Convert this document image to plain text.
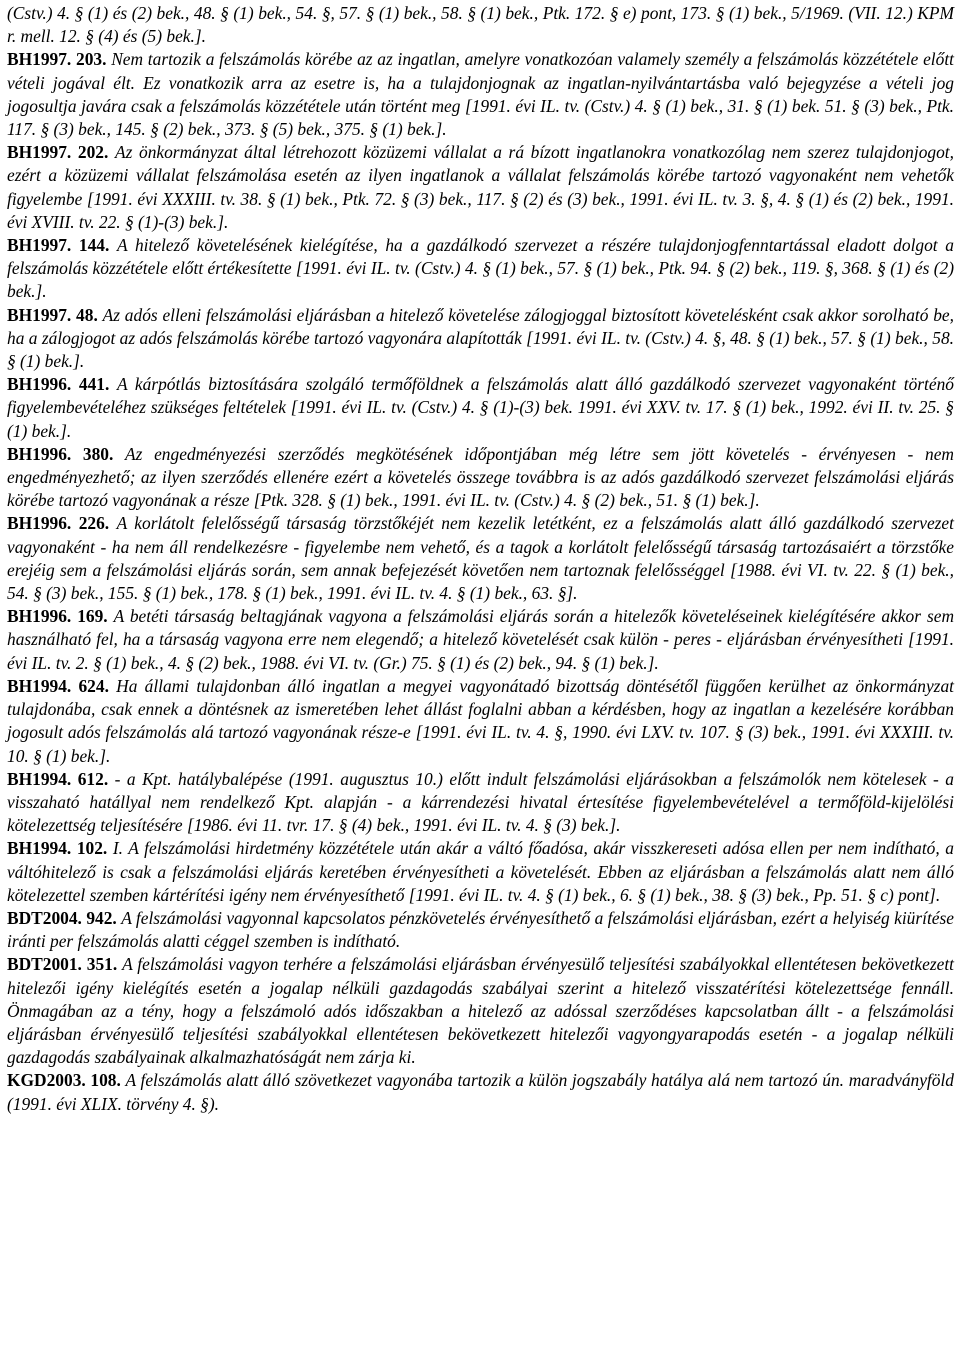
(Cstv.) 4. § (1) és (2) bek., 48. § (1) bek., 54. §, 57. § (1) bek., 58. § (1) bek., Ptk. 172. § e) pont, 173. § (1) bek., 5/1969. (VII. 12.) KPM r. mell. 12. § (4) és (5) bek.].

BH1997. 203. Nem tartozik a felszámolás körébe az az ingatlan, amelyre vonatkozóan valamely személy a felszámolás közzététele előtt vételi jogával élt. Ez vonatkozik arra az esetre is, ha a tulajdonjognak az ingatlan-nyilvántartásba való bejegyzése a vételi jog jogosultja javára csak a felszámolás közzététele után történt meg [1991. évi IL. tv. (Cstv.) 4. § (1) bek., 31. § (1) bek. 51. § (3) bek., Ptk. 117. § (3) bek., 145. § (2) bek., 373. § (5) bek., 375. § (1) bek.].

BH1997. 202. Az önkormányzat által létrehozott közüzemi vállalat a rá bízott ingatlanokra vonatkozólag nem szerez tulajdonjogot, ezért a közüzemi vállalat felszámolása esetén az ilyen ingatlanok a vállalat felszámolás körébe tartozó vagyonaként nem vehetők figyelembe [1991. évi XXXIII. tv. 38. § (1) bek., Ptk. 72. § (3) bek., 117. § (2) és (3) bek., 1991. évi IL. tv. 3. §, 4. § (1) és (2) bek., 1991. évi XVIII. tv. 22. § (1)-(3) bek.].

BH1997. 144. A hitelező követelésének kielégítése, ha a gazdálkodó szervezet a részére tulajdonjogfenntartással eladott dolgot a felszámolás közzététele előtt értékesítette [1991. évi IL. tv. (Cstv.) 4. § (1) bek., 57. § (1) bek., Ptk. 94. § (2) bek., 119. §, 368. § (1) és (2) bek.].

BH1997. 48. Az adós elleni felszámolási eljárásban a hitelező követelése zálogjoggal biztosított követelésként csak akkor sorolható be, ha a zálogjogot az adós felszámolás körébe tartozó vagyonára alapították [1991. évi IL. tv. (Cstv.) 4. §, 48. § (1) bek., 57. § (1) bek., 58. § (1) bek.].

BH1996. 441. A kárpótlás biztosítására szolgáló termőföldnek a felszámolás alatt álló gazdálkodó szervezet vagyonaként történő figyelembevételéhez szükséges feltételek [1991. évi IL. tv. (Cstv.) 4. § (1)-(3) bek. 1991. évi XXV. tv. 17. § (1) bek., 1992. évi II. tv. 25. § (1) bek.].

BH1996. 380. Az engedményezési szerződés megkötésének időpontjában még létre sem jött követelés - érvényesen - nem engedményezhető; az ilyen szerződés ellenére ezért a követelés összege továbbra is az adós gazdálkodó szervezet felszámolási eljárás körébe tartozó vagyonának a része [Ptk. 328. § (1) bek., 1991. évi IL. tv. (Cstv.) 4. § (2) bek., 51. § (1) bek.].

BH1996. 226. A korlátolt felelősségű társaság törzstőkéjét nem kezelik letétként, ez a felszámolás alatt álló gazdálkodó szervezet vagyonaként - ha nem áll rendelkezésre - figyelembe nem vehető, és a tagok a korlátolt felelősségű társaság tartozásaiért a törzstőke erejéig sem a felszámolási eljárás során, sem annak befejezését követően nem tartoznak felelősséggel [1988. évi VI. tv. 22. § (1) bek., 54. § (3) bek., 155. § (1) bek., 178. § (1) bek., 1991. évi IL. tv. 4. § (1) bek., 63. §].

BH1996. 169. A betéti társaság beltagjának vagyona a felszámolási eljárás során a hitelezők követeléseinek kielégítésére akkor sem használható fel, ha a társaság vagyona erre nem elegendő; a hitelező követelését csak külön - peres - eljárásban érvényesítheti [1991. évi IL. tv. 2. § (1) bek., 4. § (2) bek., 1988. évi VI. tv. (Gr.) 75. § (1) és (2) bek., 94. § (1) bek.].

BH1994. 624. Ha állami tulajdonban álló ingatlan a megyei vagyonátadó bizottság döntésétől függően kerülhet az önkormányzat tulajdonába, csak ennek a döntésnek az ismeretében lehet állást foglalni abban a kérdésben, hogy az ingatlan a kezelésére korábban jogosult adós felszámolás alá tartozó vagyonának része-e [1991. évi IL. tv. 4. §, 1990. évi LXV. tv. 107. § (3) bek., 1991. évi XXXIII. tv. 10. § (1) bek.].

BH1994. 612. - a Kpt. hatálybalépése (1991. augusztus 10.) előtt indult felszámolási eljárásokban a felszámolók nem kötelesek - a visszaható hatállyal nem rendelkező Kpt. alapján - a kárrendezési hivatal értesítése figyelembevételével a termőföld-kijelölési kötelezettség teljesítésére [1986. évi 11. tvr. 17. § (4) bek., 1991. évi IL. tv. 4. § (3) bek.].

BH1994. 102. I. A felszámolási hirdetmény közzététele után akár a váltó főadósa, akár visszkereseti adósa ellen per nem indítható, a váltóhitelező is csak a felszámolási eljárás keretében érvényesítheti a követelését. Ebben az eljárásban a felszámolás alatt nem álló kötelezettel szemben kártérítési igény nem érvényesíthető [1991. évi IL. tv. 4. § (1) bek., 6. § (1) bek., 38. § (3) bek., Pp. 51. § c) pont].

BDT2004. 942. A felszámolási vagyonnal kapcsolatos pénzkövetelés érvényesíthető a felszámolási eljárásban, ezért a helyiség kiürítése iránti per felszámolás alatti céggel szemben is indítható.

BDT2001. 351. A felszámolási vagyon terhére a felszámolási eljárásban érvényesülő teljesítési szabályokkal ellentétesen bekövetkezett hitelezői igény kielégítés esetén a jogalap nélküli gazdagodás szabályai szerint a hitelező visszatérítési kötelezettsége fennáll. Önmagában az a tény, hogy a felszámoló adós időszakban a hitelező az adóssal szerződéses kapcsolatban állt - a felszámolási eljárásban érvényesülő teljesítési szabályokkal ellentétesen bekövetkezett hitelezői vagyongyarapodás esetén - a jogalap nélküli gazdagodás szabályainak alkalmazhatóságát nem zárja ki.

KGD2003. 108. A felszámolás alatt álló szövetkezet vagyonába tartozik a külön jogszabály hatálya alá nem tartozó ún. maradványföld (1991. évi XLIX. törvény 4. §).
